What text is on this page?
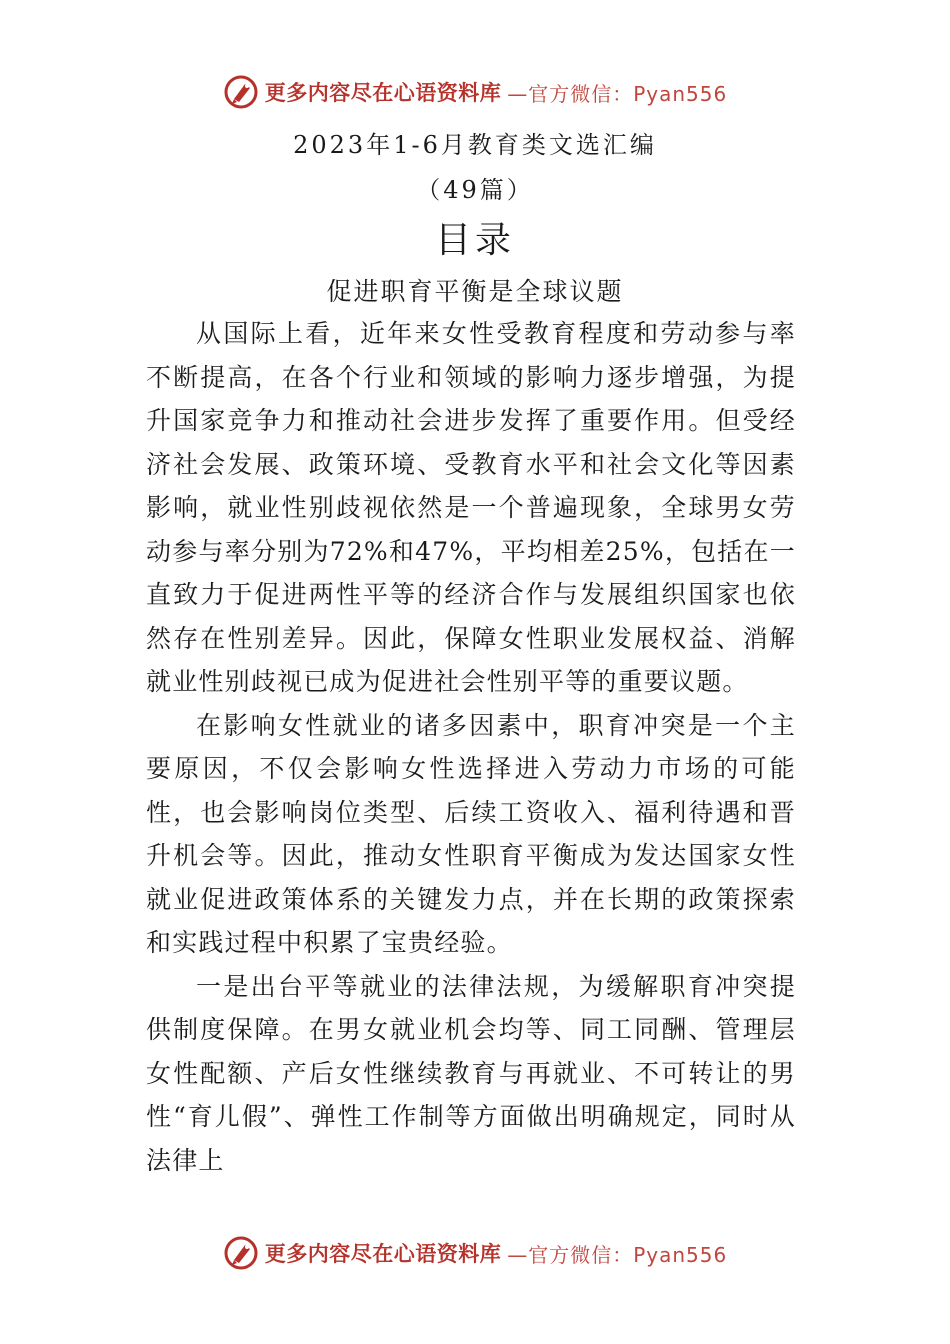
更多内容尽在心语资料库 —官方微信：Pyan556
2023年1-6月教育类文选汇编
（49篇）
目录
促进职育平衡是全球议题

从国际上看，近年来女性受教育程度和劳动参与率不断提高，在各个行业和领域的影响力逐步增强，为提升国家竞争力和推动社会进步发挥了重要作用。但受经济社会发展、政策环境、受教育水平和社会文化等因素影响，就业性别歧视依然是一个普遍现象，全球男女劳动参与率分别为72%和47%，平均相差25%，包括在一直致力于促进两性平等的经济合作与发展组织国家也依然存在性别差异。因此，保障女性职业发展权益、消解就业性别歧视已成为促进社会性别平等的重要议题。

在影响女性就业的诸多因素中，职育冲突是一个主要原因，不仅会影响女性选择进入劳动力市场的可能性，也会影响岗位类型、后续工资收入、福利待遇和晋升机会等。因此，推动女性职育平衡成为发达国家女性就业促进政策体系的关键发力点，并在长期的政策探索和实践过程中积累了宝贵经验。

一是出台平等就业的法律法规，为缓解职育冲突提供制度保障。在男女就业机会均等、同工同酬、管理层女性配额、产后女性继续教育与再就业、不可转让的男性“育儿假”、弹性工作制等方面做出明确规定，同时从法律上

更多内容尽在心语资料库 —官方微信：Pyan556
